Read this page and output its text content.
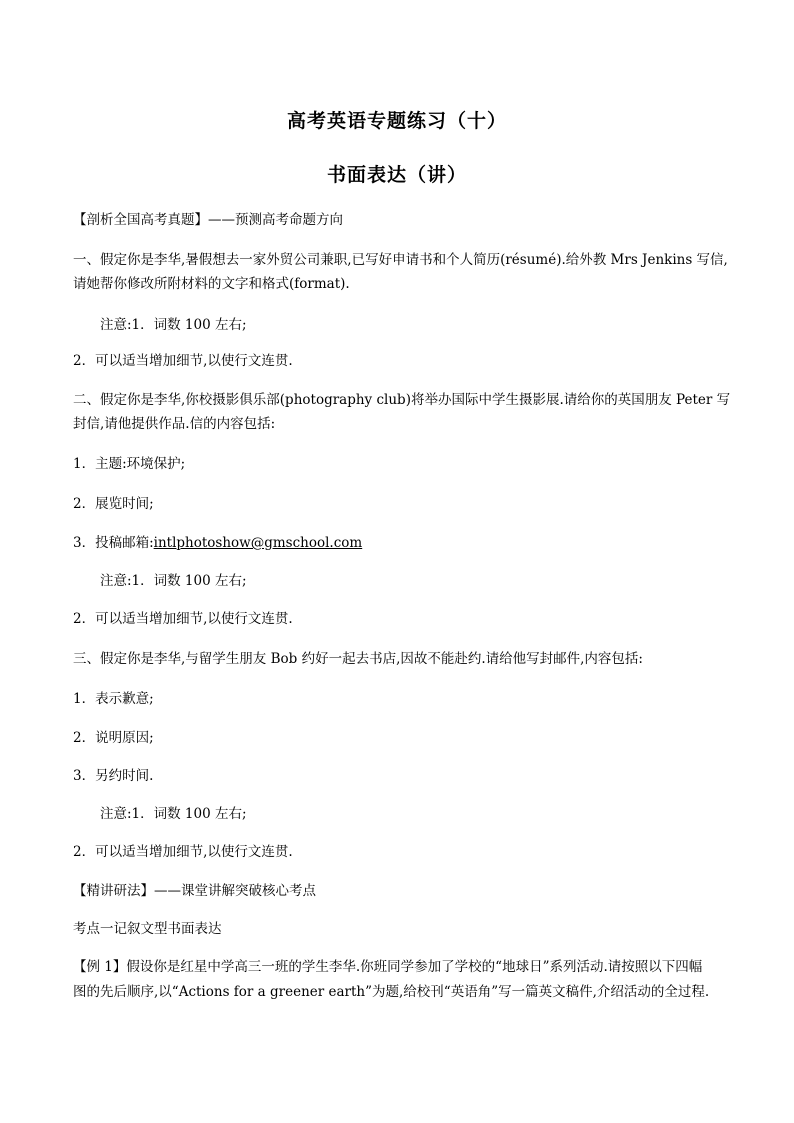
高考英语专题练习（十）
书面表达（讲）
【剖析全国高考真题】——预测高考命题方向
一、假定你是李华,暑假想去一家外贸公司兼职,已写好申请书和个人简历(résumé).给外教 Mrs Jenkins 写信,
请她帮你修改所附材料的文字和格式(format).
注意:1．词数 100 左右;
2．可以适当增加细节,以使行文连贯.
二、假定你是李华,你校摄影俱乐部(photography club)将举办国际中学生摄影展.请给你的英国朋友 Peter 写
封信,请他提供作品.信的内容包括:
1．主题:环境保护;
2．展览时间;
3．投稿邮箱:intlphotoshow@gmschool.com
注意:1．词数 100 左右;
2．可以适当增加细节,以使行文连贯.
三、假定你是李华,与留学生朋友 Bob 约好一起去书店,因故不能赴约.请给他写封邮件,内容包括:
1．表示歉意;
2．说明原因;
3．另约时间.
注意:1．词数 100 左右;
2．可以适当增加细节,以使行文连贯.
【精讲研法】——课堂讲解突破核心考点
考点一记叙文型书面表达
【例 1】假设你是红星中学高三一班的学生李华.你班同学参加了学校的“地球日”系列活动.请按照以下四幅
图的先后顺序,以“Actions for a greener earth”为题,给校刊“英语角”写一篇英文稿件,介绍活动的全过程.
